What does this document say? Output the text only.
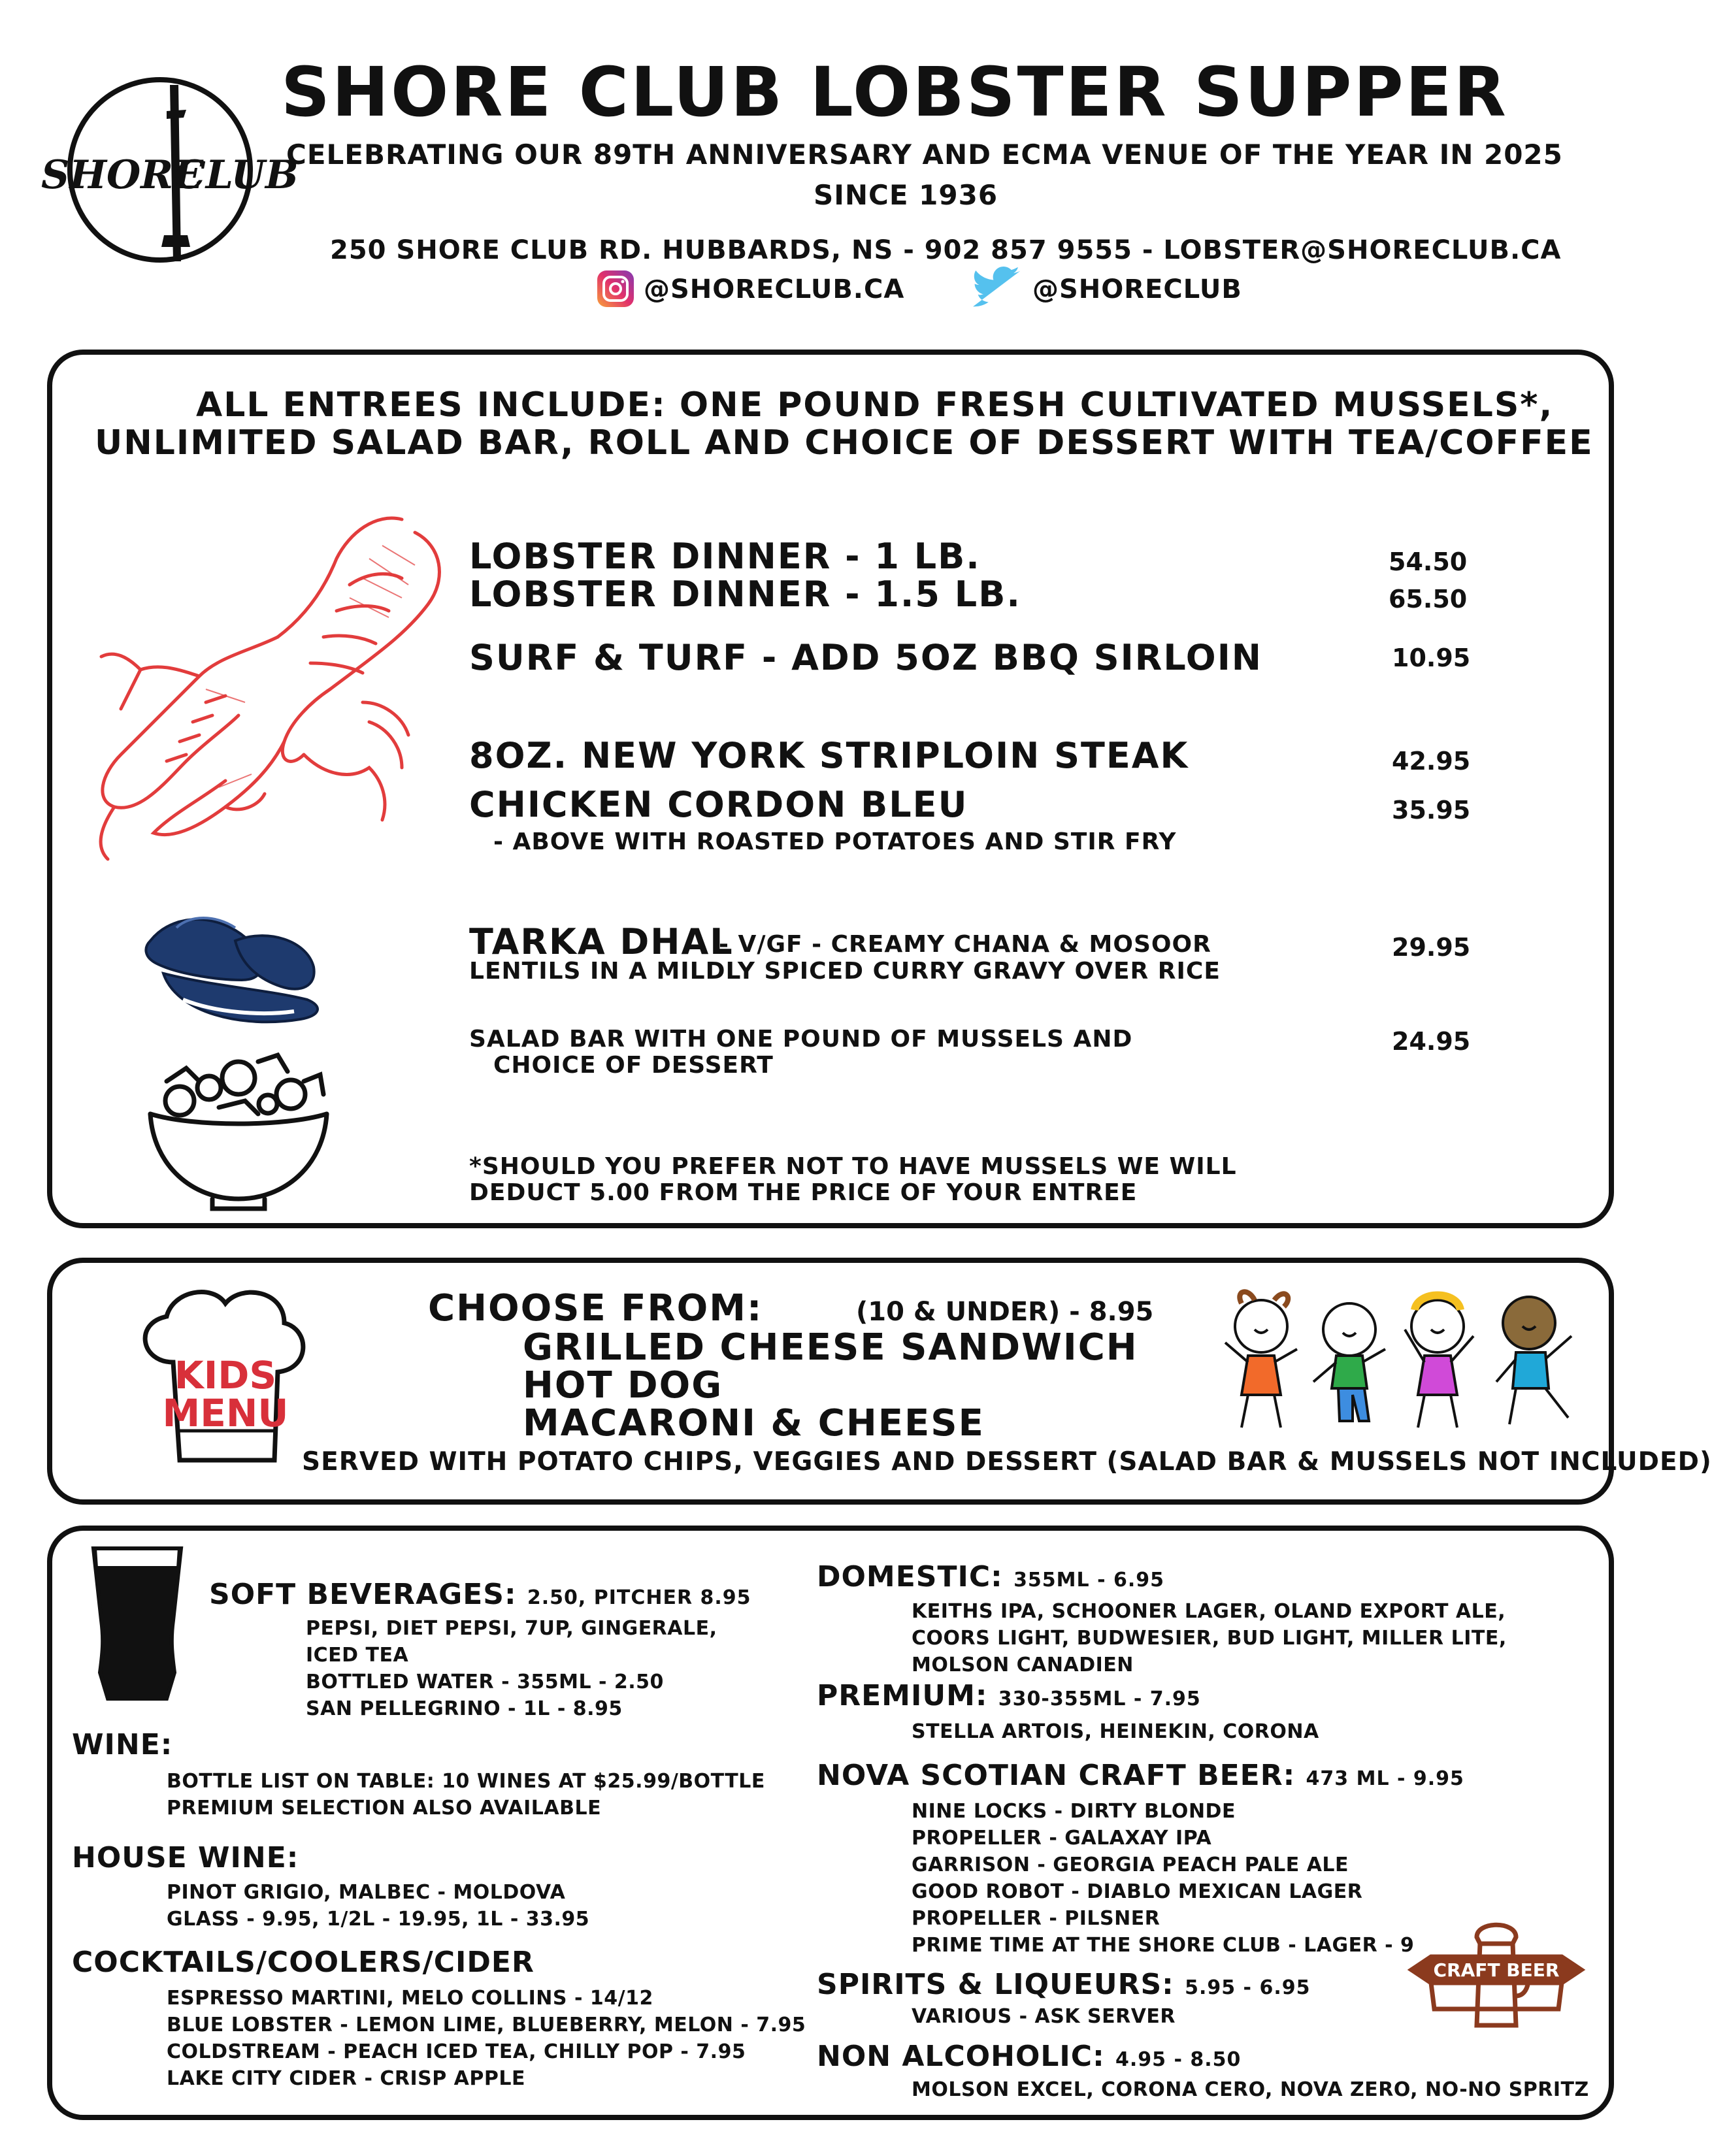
SHORE
CLUB
SHORE CLUB LOBSTER SUPPER
CELEBRATING OUR 89TH ANNIVERSARY AND ECMA VENUE OF THE YEAR IN 2025
SINCE 1936
250 SHORE CLUB RD. HUBBARDS, NS - 902 857 9555 - LOBSTER@SHORECLUB.CA
@SHORECLUB.CA	@SHORECLUB
ALL ENTREES INCLUDE: ONE POUND FRESH CULTIVATED MUSSELS*,
UNLIMITED SALAD BAR, ROLL AND CHOICE OF DESSERT WITH TEA/COFFEE
LOBSTER DINNER - 1 LB.	54.50
LOBSTER DINNER - 1.5 LB.	65.50
SURF & TURF - ADD 5OZ BBQ SIRLOIN	10.95
8OZ. NEW YORK STRIPLOIN STEAK	42.95
CHICKEN CORDON BLEU	35.95
- ABOVE WITH ROASTED POTATOES AND STIR FRY
TARKA DHAL
- V/GF - CREAMY CHANA & MOSOOR
LENTILS IN A MILDLY SPICED CURRY GRAVY OVER RICE
29.95
SALAD BAR WITH ONE POUND OF MUSSELS AND
CHOICE OF DESSERT
24.95
*SHOULD YOU PREFER NOT TO HAVE MUSSELS WE WILL
DEDUCT 5.00 FROM THE PRICE OF YOUR ENTREE
KIDS
MENU
CHOOSE FROM:	(10 & UNDER) - 8.95
GRILLED CHEESE SANDWICH
HOT DOG
MACARONI & CHEESE
SERVED WITH POTATO CHIPS, VEGGIES AND DESSERT (SALAD BAR & MUSSELS NOT INCLUDED)
SOFT BEVERAGES: 2.50, PITCHER 8.95
PEPSI, DIET PEPSI, 7UP, GINGERALE,
ICED TEA
BOTTLED WATER - 355ML - 2.50
SAN PELLEGRINO - 1L - 8.95
WINE:
BOTTLE LIST ON TABLE: 10 WINES AT $25.99/BOTTLE
PREMIUM SELECTION ALSO AVAILABLE
HOUSE WINE:
PINOT GRIGIO, MALBEC - MOLDOVA
GLASS - 9.95, 1/2L - 19.95, 1L - 33.95
COCKTAILS/COOLERS/CIDER
ESPRESSO MARTINI, MELO COLLINS - 14/12
BLUE LOBSTER - LEMON LIME, BLUEBERRY, MELON - 7.95
COLDSTREAM - PEACH ICED TEA, CHILLY POP - 7.95
LAKE CITY CIDER - CRISP APPLE
DOMESTIC: 355ML - 6.95
KEITHS IPA, SCHOONER LAGER, OLAND EXPORT ALE,
COORS LIGHT, BUDWESIER, BUD LIGHT, MILLER LITE,
MOLSON CANADIEN
PREMIUM: 330-355ML - 7.95
STELLA ARTOIS, HEINEKIN, CORONA
NOVA SCOTIAN CRAFT BEER: 473 ML - 9.95
NINE LOCKS - DIRTY BLONDE
PROPELLER - GALAXAY IPA
GARRISON - GEORGIA PEACH PALE ALE
GOOD ROBOT - DIABLO MEXICAN LAGER
PROPELLER - PILSNER
PRIME TIME AT THE SHORE CLUB - LAGER - 9
CRAFT BEER
SPIRITS & LIQUEURS: 5.95 - 6.95
VARIOUS - ASK SERVER
NON ALCOHOLIC: 4.95 - 8.50
MOLSON EXCEL, CORONA CERO, NOVA ZERO, NO-NO SPRITZ
